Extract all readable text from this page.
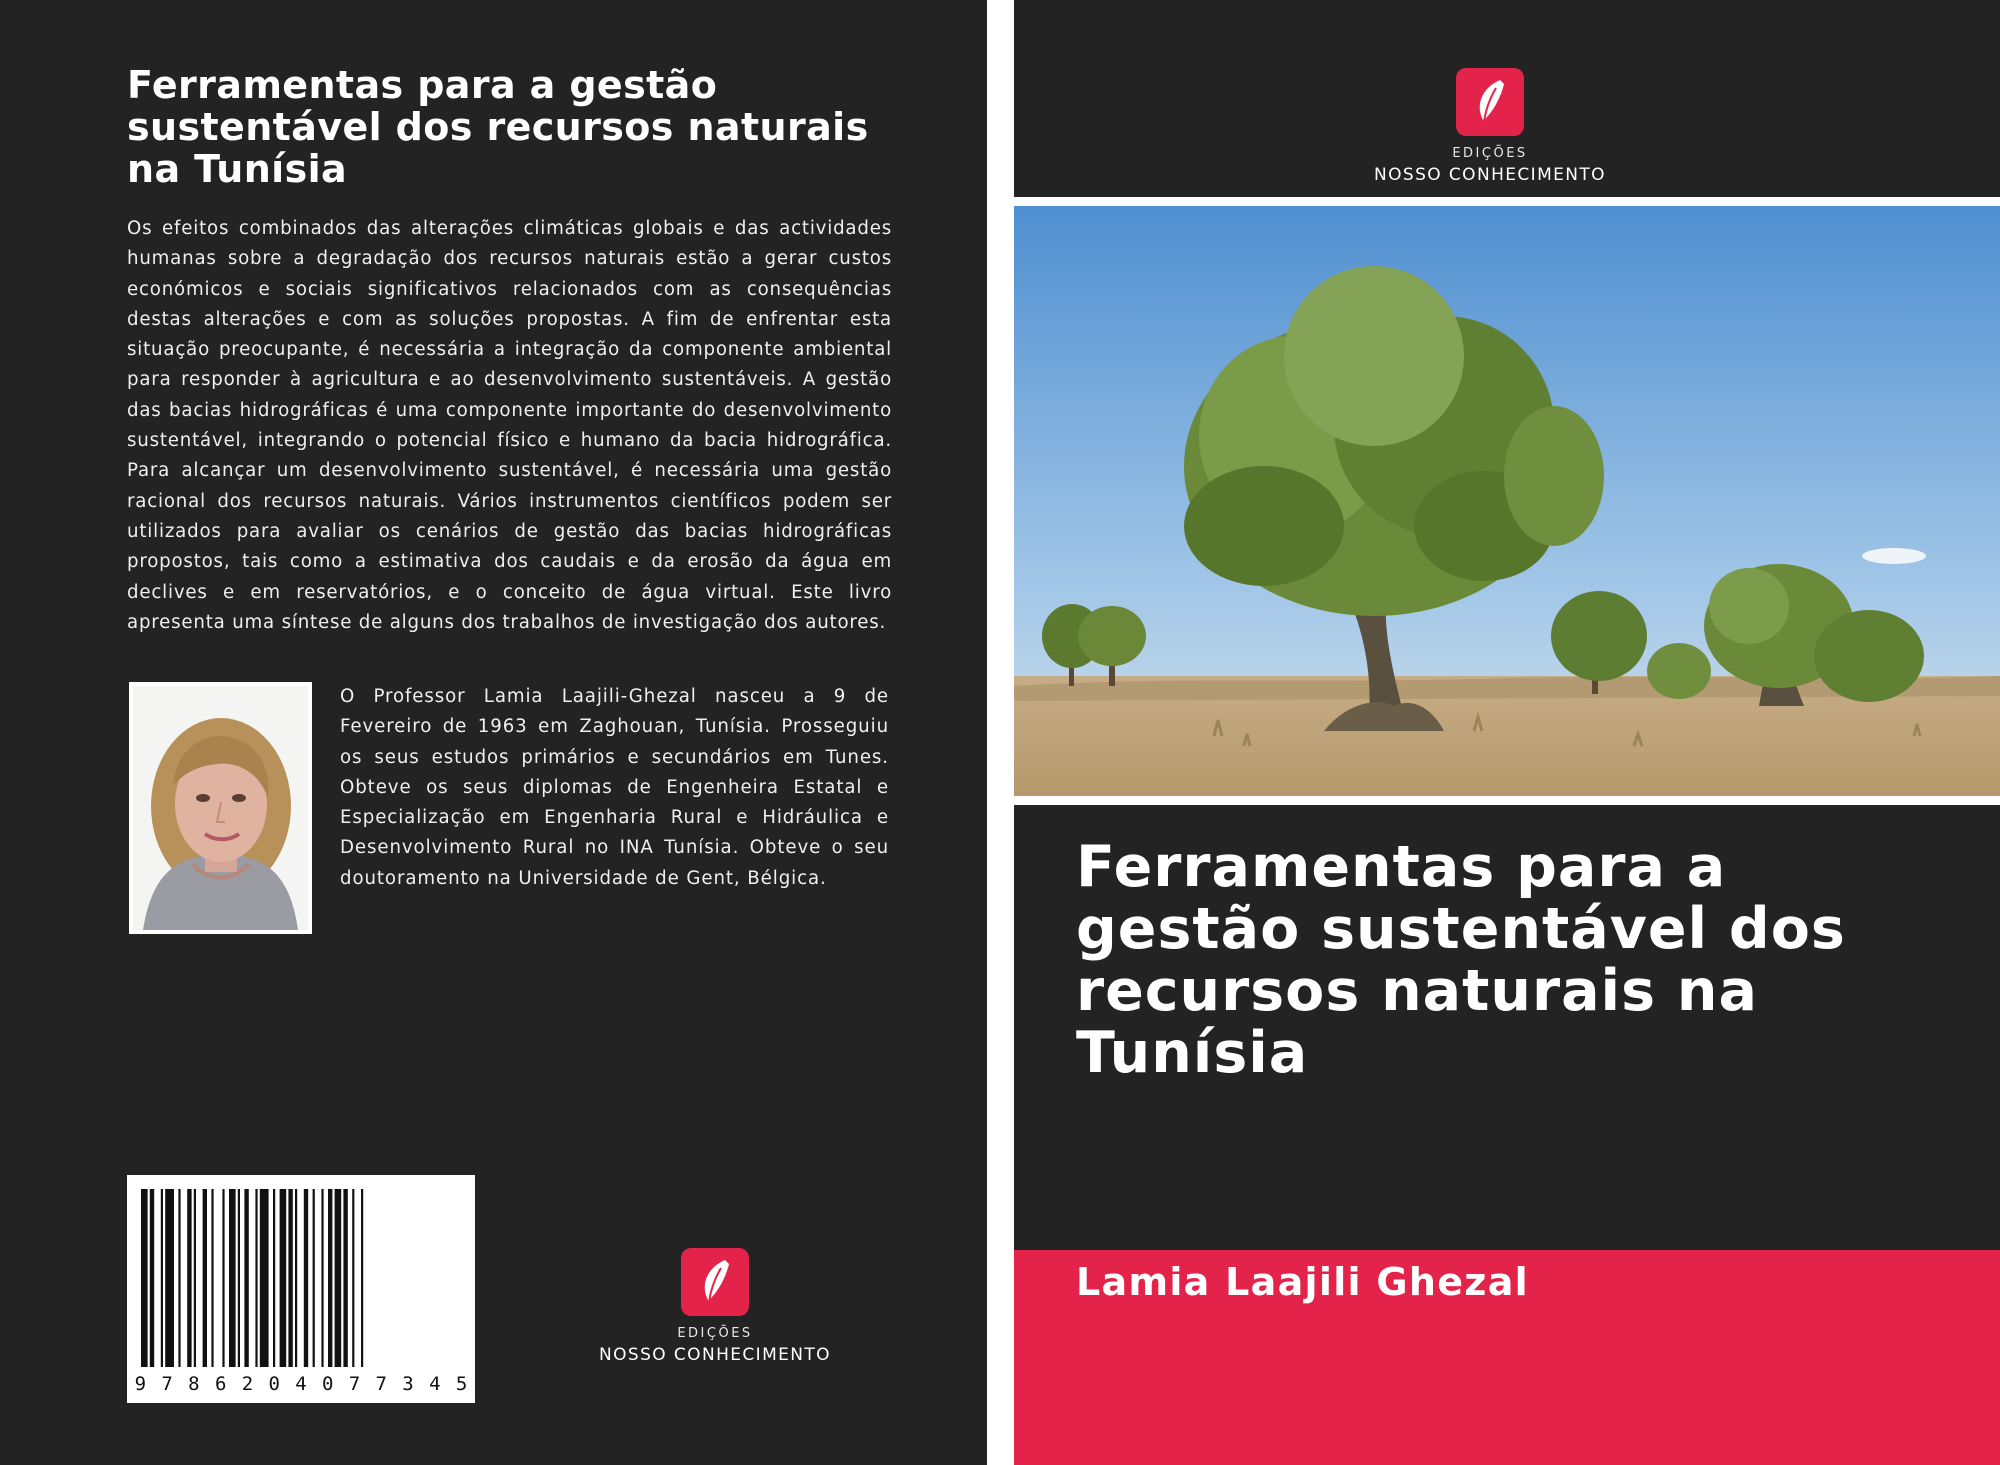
Ferramentas para a gestão sustentável dos recursos naturais na Tunísia

Os efeitos combinados das alterações climáticas globais e das actividades humanas sobre a degradação dos recursos naturais estão a gerar custos económicos e sociais significativos relacionados com as consequências destas alterações e com as soluções propostas. A fim de enfrentar esta situação preocupante, é necessária a integração da componente ambiental para responder à agricultura e ao desenvolvimento sustentáveis. A gestão das bacias hidrográficas é uma componente importante do desenvolvimento sustentável, integrando o potencial físico e humano da bacia hidrográfica. Para alcançar um desenvolvimento sustentável, é necessária uma gestão racional dos recursos naturais. Vários instrumentos científicos podem ser utilizados para avaliar os cenários de gestão das bacias hidrográficas propostos, tais como a estimativa dos caudais e da erosão da água em declives e em reservatórios, e o conceito de água virtual. Este livro apresenta uma síntese de alguns dos trabalhos de investigação dos autores.

O Professor Lamia Laajili-Ghezal nasceu a 9 de Fevereiro de 1963 em Zaghouan, Tunísia. Prosseguiu os seus estudos primários e secundários em Tunes. Obteve os seus diplomas de Engenheira Estatal e Especialização em Engenharia Rural e Hidráulica e Desenvolvimento Rural no INA Tunísia. Obteve o seu doutoramento na Universidade de Gent, Bélgica.

9 7 8 6 2 0 4 0 7 7 3 4 5
EDIÇÕES
NOSSO CONHECIMENTO
EDIÇÕES
NOSSO CONHECIMENTO
Ferramentas para a gestão sustentável dos recursos naturais na Tunísia
Lamia Laajili Ghezal
